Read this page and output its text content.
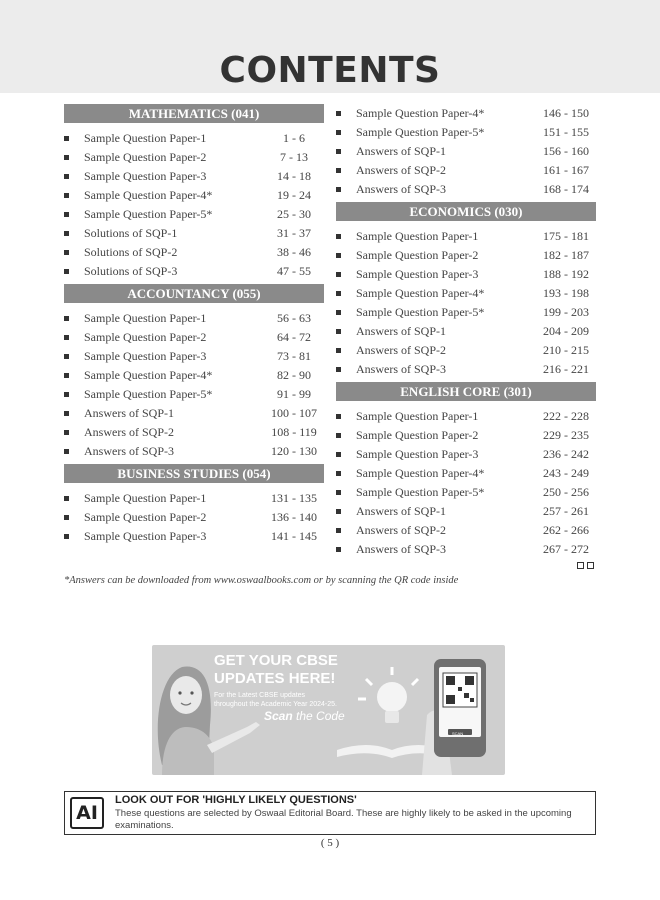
CONTENTS
MATHEMATICS (041)
Sample Question Paper-1	1 - 6
Sample Question Paper-2	7 - 13
Sample Question Paper-3	14 - 18
Sample Question Paper-4*	19 - 24
Sample Question Paper-5*	25 - 30
Solutions of SQP-1	31 - 37
Solutions of SQP-2	38 - 46
Solutions of SQP-3	47 - 55
ACCOUNTANCY (055)
Sample Question Paper-1	56 - 63
Sample Question Paper-2	64 - 72
Sample Question Paper-3	73 - 81
Sample Question Paper-4*	82 - 90
Sample Question Paper-5*	91 - 99
Answers of SQP-1	100 - 107
Answers of SQP-2	108 - 119
Answers of SQP-3	120 - 130
BUSINESS STUDIES (054)
Sample Question Paper-1	131 - 135
Sample Question Paper-2	136 - 140
Sample Question Paper-3	141 - 145
Sample Question Paper-4*	146 - 150
Sample Question Paper-5*	151 - 155
Answers of SQP-1	156 - 160
Answers of SQP-2	161 - 167
Answers of SQP-3	168 - 174
ECONOMICS (030)
Sample Question Paper-1	175 - 181
Sample Question Paper-2	182 - 187
Sample Question Paper-3	188 - 192
Sample Question Paper-4*	193 - 198
Sample Question Paper-5*	199 - 203
Answers of SQP-1	204 - 209
Answers of SQP-2	210 - 215
Answers of SQP-3	216 - 221
ENGLISH CORE (301)
Sample Question Paper-1	222 - 228
Sample Question Paper-2	229 - 235
Sample Question Paper-3	236 - 242
Sample Question Paper-4*	243 - 249
Sample Question Paper-5*	250 - 256
Answers of SQP-1	257 - 261
Answers of SQP-2	262 - 266
Answers of SQP-3	267 - 272

*Answers can be downloaded from www.oswaalbooks.com or by scanning the QR code inside

GET YOUR CBSE
UPDATES HERE!
For the Latest CBSE updates
throughout the Academic Year 2024-25.
Scan the Code
SCAN
AI
LOOK OUT FOR 'HIGHLY LIKELY QUESTIONS'
These questions are selected by Oswaal Editorial Board. These are highly likely to be asked in the upcoming examinations.
( 5 )
